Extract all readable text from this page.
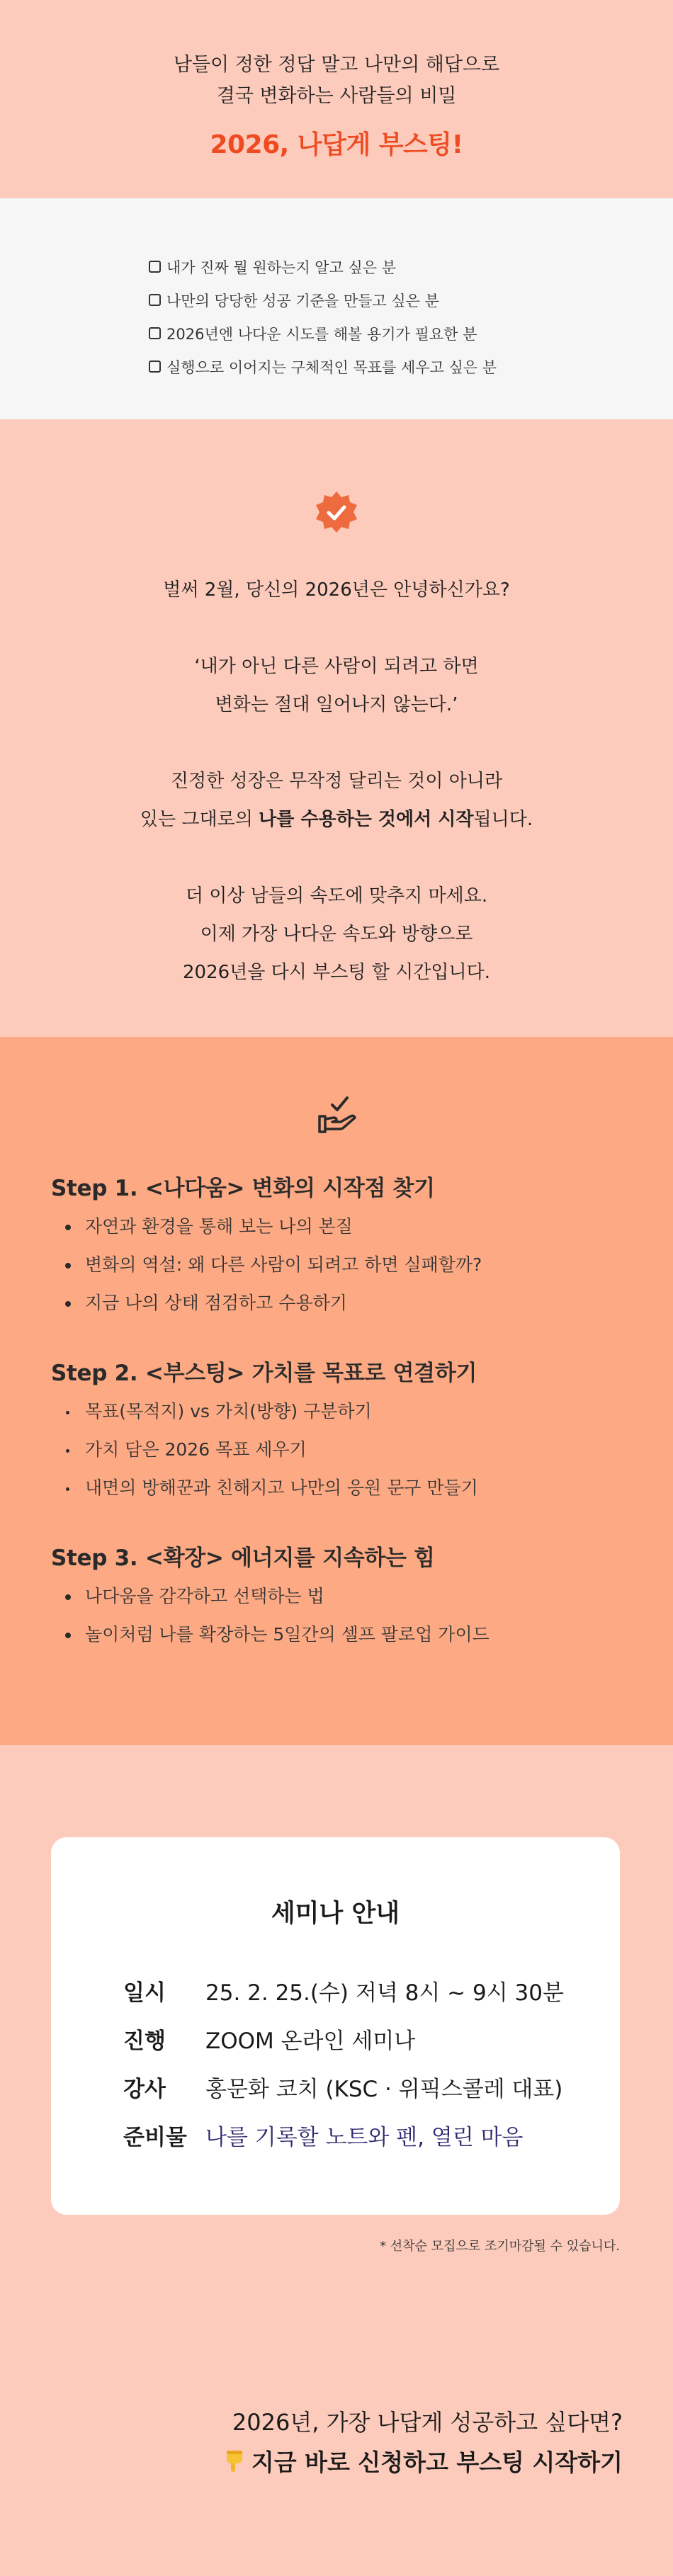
남들이 정한 정답 말고 나만의 해답으로
결국 변화하는 사람들의 비밀
2026, 나답게 부스팅!
내가 진짜 뭘 원하는지 알고 싶은 분
나만의 당당한 성공 기준을 만들고 싶은 분
2026년엔 나다운 시도를 해볼 용기가 필요한 분
실행으로 이어지는 구체적인 목표를 세우고 싶은 분

벌써 2월, 당신의 2026년은 안녕하신가요?

‘내가 아닌 다른 사람이 되려고 하면

변화는 절대 일어나지 않는다.’

진정한 성장은 무작정 달리는 것이 아니라

있는 그대로의 나를 수용하는 것에서 시작됩니다.

더 이상 남들의 속도에 맞추지 마세요.

이제 가장 나다운 속도와 방향으로

2026년을 다시 부스팅 할 시간입니다.

Step 1. <나다움> 변화의 시작점 찾기
자연과 환경을 통해 보는 나의 본질
변화의 역설: 왜 다른 사람이 되려고 하면 실패할까?
지금 나의 상태 점검하고 수용하기
Step 2. <부스팅> 가치를 목표로 연결하기
목표(목적지) vs 가치(방향) 구분하기
가치 담은 2026 목표 세우기
내면의 방해꾼과 친해지고 나만의 응원 문구 만들기
Step 3. <확장> 에너지를 지속하는 힘
나다움을 감각하고 선택하는 법
놀이처럼 나를 확장하는 5일간의 셀프 팔로업 가이드
세미나 안내
일시	25. 2. 25.(수) 저녁 8시 ~ 9시 30분
진행	ZOOM 온라인 세미나
강사	홍문화 코치 (KSC · 위픽스콜레 대표)
준비물 나를 기록할 노트와 펜, 열린 마음
* 선착순 모집으로 조기마감될 수 있습니다.
2026년, 가장 나답게 성공하고 싶다면?
지금 바로 신청하고 부스팅 시작하기
